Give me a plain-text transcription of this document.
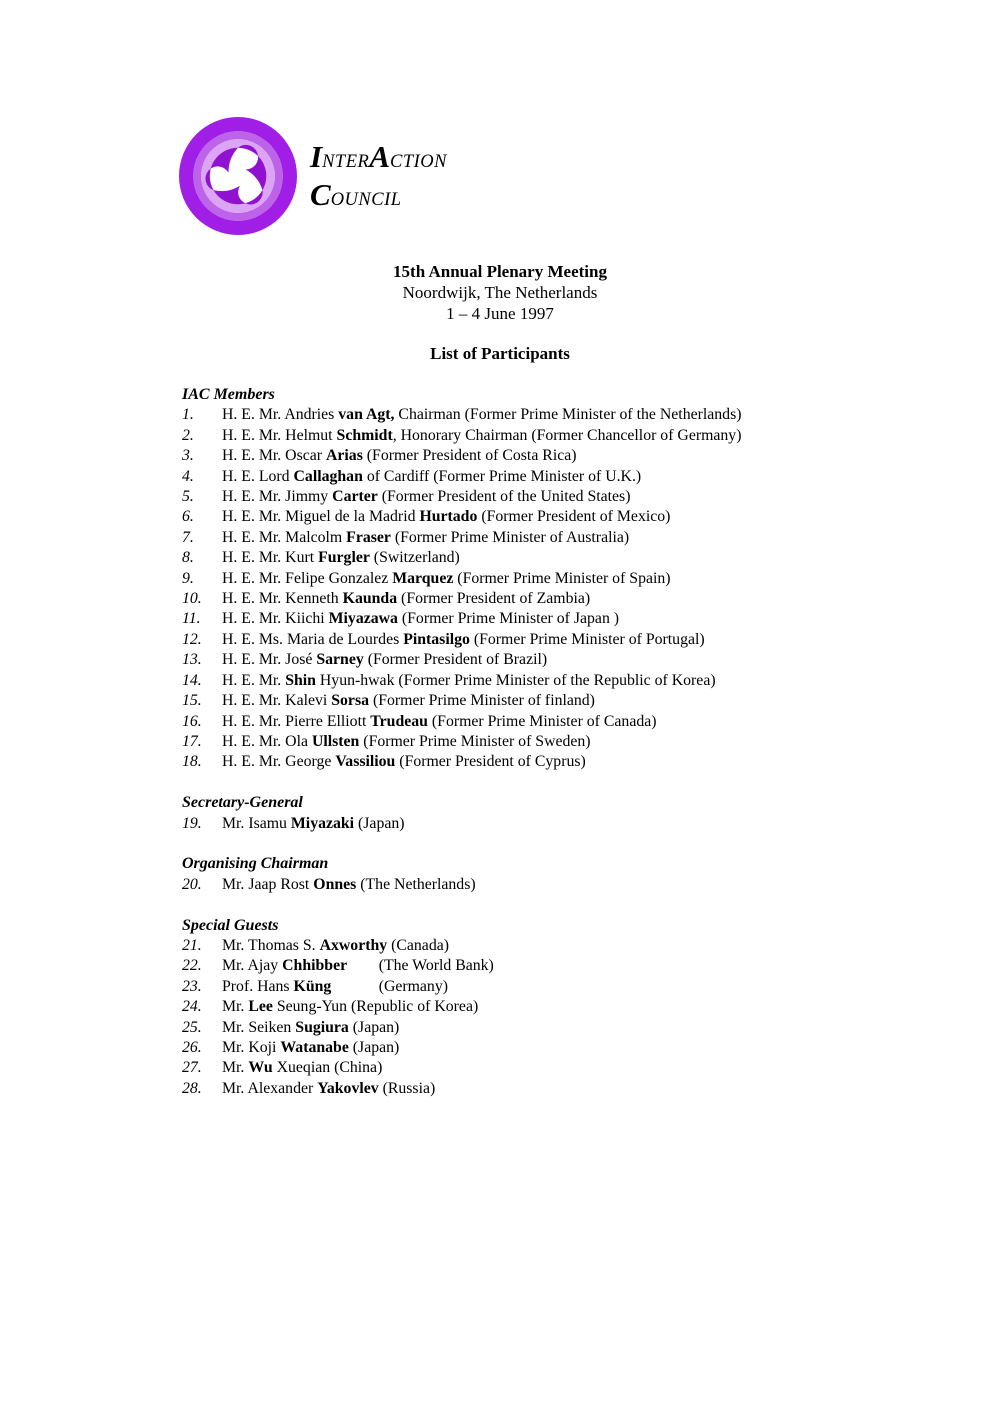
INTERACTION
COUNCIL
15th Annual Plenary Meeting
Noordwijk, The Netherlands
1 – 4 June 1997
List of Participants
IAC Members
1.	H. E. Mr. Andries van Agt, Chairman (Former Prime Minister of the Netherlands)
2.	H. E. Mr. Helmut Schmidt, Honorary Chairman (Former Chancellor of Germany)
3.	H. E. Mr. Oscar Arias (Former President of Costa Rica)
4.	H. E. Lord Callaghan of Cardiff (Former Prime Minister of U.K.)
5.	H. E. Mr. Jimmy Carter (Former President of the United States)
6.	H. E. Mr. Miguel de la Madrid Hurtado (Former President of Mexico)
7.	H. E. Mr. Malcolm Fraser (Former Prime Minister of Australia)
8.	H. E. Mr. Kurt Furgler (Switzerland)
9.	H. E. Mr. Felipe Gonzalez Marquez (Former Prime Minister of Spain)
10.	H. E. Mr. Kenneth Kaunda (Former President of Zambia)
11.	H. E. Mr. Kiichi Miyazawa (Former Prime Minister of Japan )
12.	H. E. Ms. Maria de Lourdes Pintasilgo (Former Prime Minister of Portugal)
13.	H. E. Mr. José Sarney (Former President of Brazil)
14.	H. E. Mr. Shin Hyun-hwak (Former Prime Minister of the Republic of Korea)
15.	H. E. Mr. Kalevi Sorsa (Former Prime Minister of finland)
16.	H. E. Mr. Pierre Elliott Trudeau (Former Prime Minister of Canada)
17.	H. E. Mr. Ola Ullsten (Former Prime Minister of Sweden)
18.	H. E. Mr. George Vassiliou (Former President of Cyprus)
Secretary-General
19.	Mr. Isamu Miyazaki (Japan)
Organising Chairman
20.	Mr. Jaap Rost Onnes (The Netherlands)
Special Guests
21.	Mr. Thomas S. Axworthy (Canada)
22.	Mr. Ajay Chhibber        (The World Bank)
23.	Prof. Hans Küng            (Germany)
24.	Mr. Lee Seung-Yun (Republic of Korea)
25.	Mr. Seiken Sugiura (Japan)
26.	Mr. Koji Watanabe (Japan)
27.	Mr. Wu Xueqian (China)
28.	Mr. Alexander Yakovlev (Russia)
